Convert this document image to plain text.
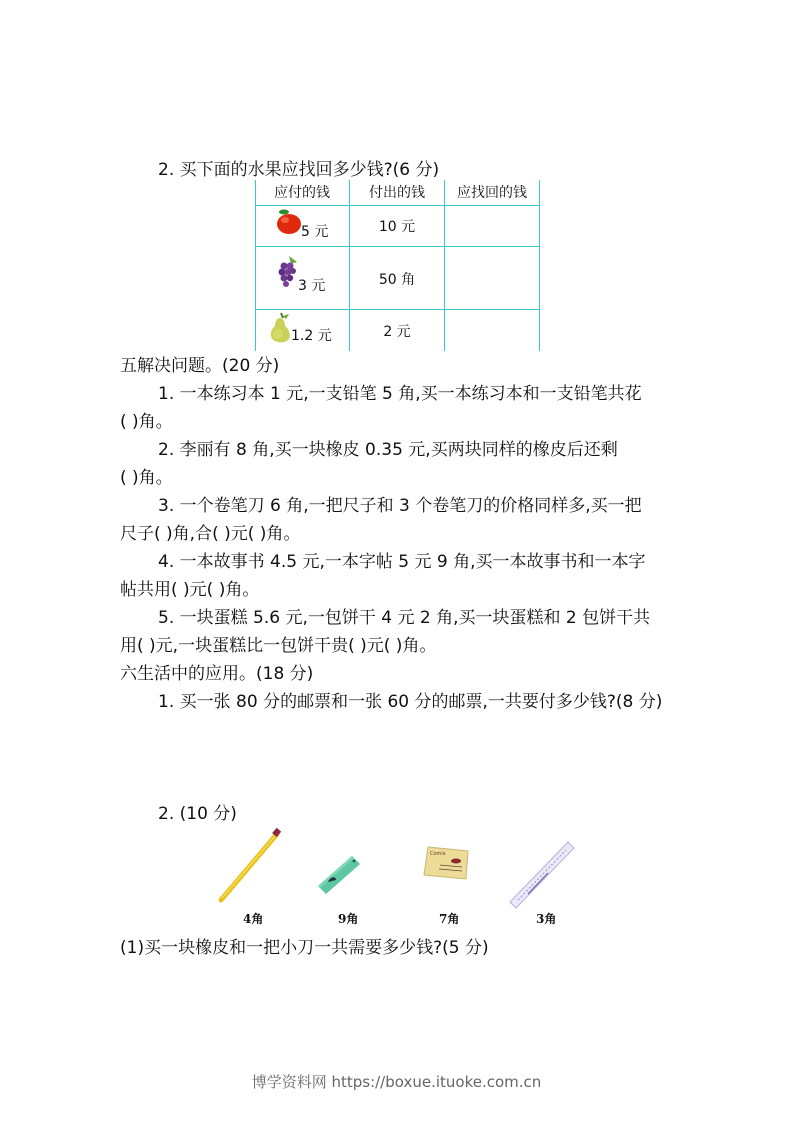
2. 买下面的水果应找回多少钱?(6 分)
应付的钱	付出的钱	应找回的钱
5 元	10 元
3 元	50 角
1.2 元	2 元
五解决问题。(20 分)
1. 一本练习本 1 元,一支铅笔 5 角,买一本练习本和一支铅笔共花
( )角。
2. 李丽有 8 角,买一块橡皮 0.35 元,买两块同样的橡皮后还剩
( )角。
3. 一个卷笔刀 6 角,一把尺子和 3 个卷笔刀的价格同样多,买一把
尺子( )角,合( )元( )角。
4. 一本故事书 4.5 元,一本字帖 5 元 9 角,买一本故事书和一本字
帖共用( )元( )角。
5. 一块蛋糕 5.6 元,一包饼干 4 元 2 角,买一块蛋糕和 2 包饼干共
用( )元,一块蛋糕比一包饼干贵( )元( )角。
六生活中的应用。(18 分)
1. 买一张 80 分的邮票和一张 60 分的邮票,一共要付多少钱?(8 分)
2. (10 分)
4角	9角
Comix
7角	3角
(1)买一块橡皮和一把小刀一共需要多少钱?(5 分)
博学资料网 https://boxue.ituoke.com.cn
